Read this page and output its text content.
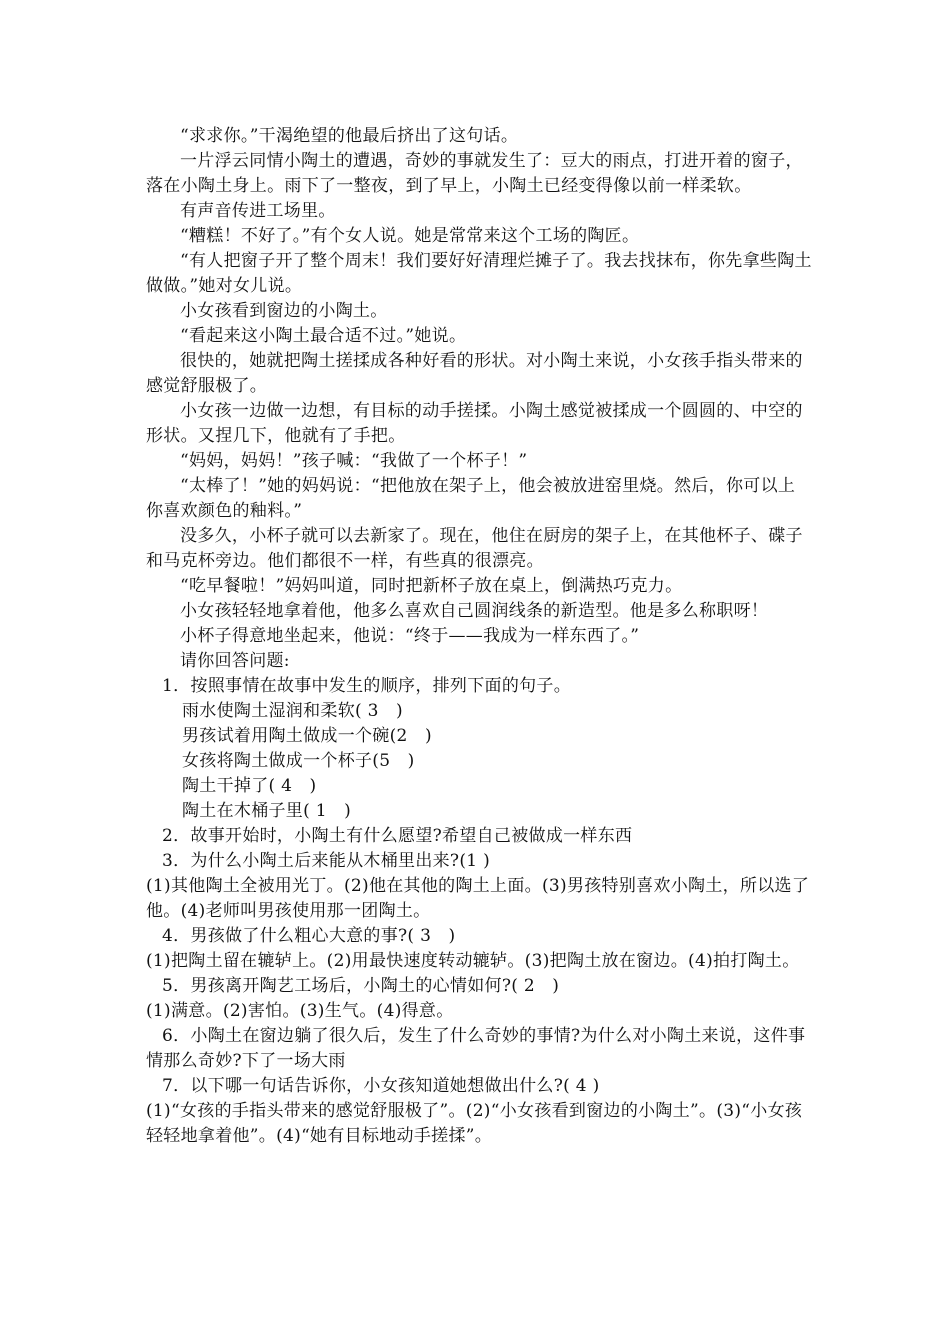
“求求你。”干渴绝望的他最后挤出了这句话。

一片浮云同情小陶土的遭遇，奇妙的事就发生了：豆大的雨点，打进开着的窗子，落在小陶土身上。雨下了一整夜，到了早上，小陶土已经变得像以前一样柔软。

有声音传进工场里。

“糟糕！不好了。”有个女人说。她是常常来这个工场的陶匠。

“有人把窗子开了整个周末！我们要好好清理烂摊子了。我去找抹布，你先拿些陶土做做。”她对女儿说。

小女孩看到窗边的小陶土。

“看起来这小陶土最合适不过。”她说。

很快的，她就把陶土搓揉成各种好看的形状。对小陶土来说，小女孩手指头带来的感觉舒服极了。

小女孩一边做一边想，有目标的动手搓揉。小陶土感觉被揉成一个圆圆的、中空的形状。又捏几下，他就有了手把。

“妈妈，妈妈！”孩子喊：“我做了一个杯子！”

“太棒了！”她的妈妈说：“把他放在架子上，他会被放进窑里烧。然后，你可以上你喜欢颜色的釉料。”

没多久，小杯子就可以去新家了。现在，他住在厨房的架子上，在其他杯子、碟子和马克杯旁边。他们都很不一样，有些真的很漂亮。

“吃早餐啦！”妈妈叫道，同时把新杯子放在桌上，倒满热巧克力。

小女孩轻轻地拿着他，他多么喜欢自己圆润线条的新造型。他是多么称职呀！

小杯子得意地坐起来，他说：“终于——我成为一样东西了。”

请你回答问题:

1．按照事情在故事中发生的顺序，排列下面的句子。

雨水使陶土湿润和柔软( 3　)

男孩试着用陶土做成一个碗(2　)

女孩将陶土做成一个杯子(5　)

陶土干掉了( 4　)

陶土在木桶子里( 1　)

2．故事开始时，小陶土有什么愿望?希望自己被做成一样东西

3．为什么小陶土后来能从木桶里出来?(1 )

(1)其他陶土全被用光丁。(2)他在其他的陶土上面。(3)男孩特别喜欢小陶土，所以选了他。(4)老师叫男孩使用那一团陶土。

4．男孩做了什么粗心大意的事?( 3　)

(1)把陶土留在辘轳上。(2)用最快速度转动辘轳。(3)把陶土放在窗边。(4)拍打陶土。

5．男孩离开陶艺工场后，小陶土的心情如何?( 2　)

(1)满意。(2)害怕。(3)生气。(4)得意。

6．小陶土在窗边躺了很久后，发生了什么奇妙的事情?为什么对小陶土来说，这件事情那么奇妙?下了一场大雨

7．以下哪一句话告诉你，小女孩知道她想做出什么?( 4 )

(1)“女孩的手指头带来的感觉舒服极了”。(2)“小女孩看到窗边的小陶土”。(3)“小女孩轻轻地拿着他”。(4)“她有目标地动手搓揉”。
